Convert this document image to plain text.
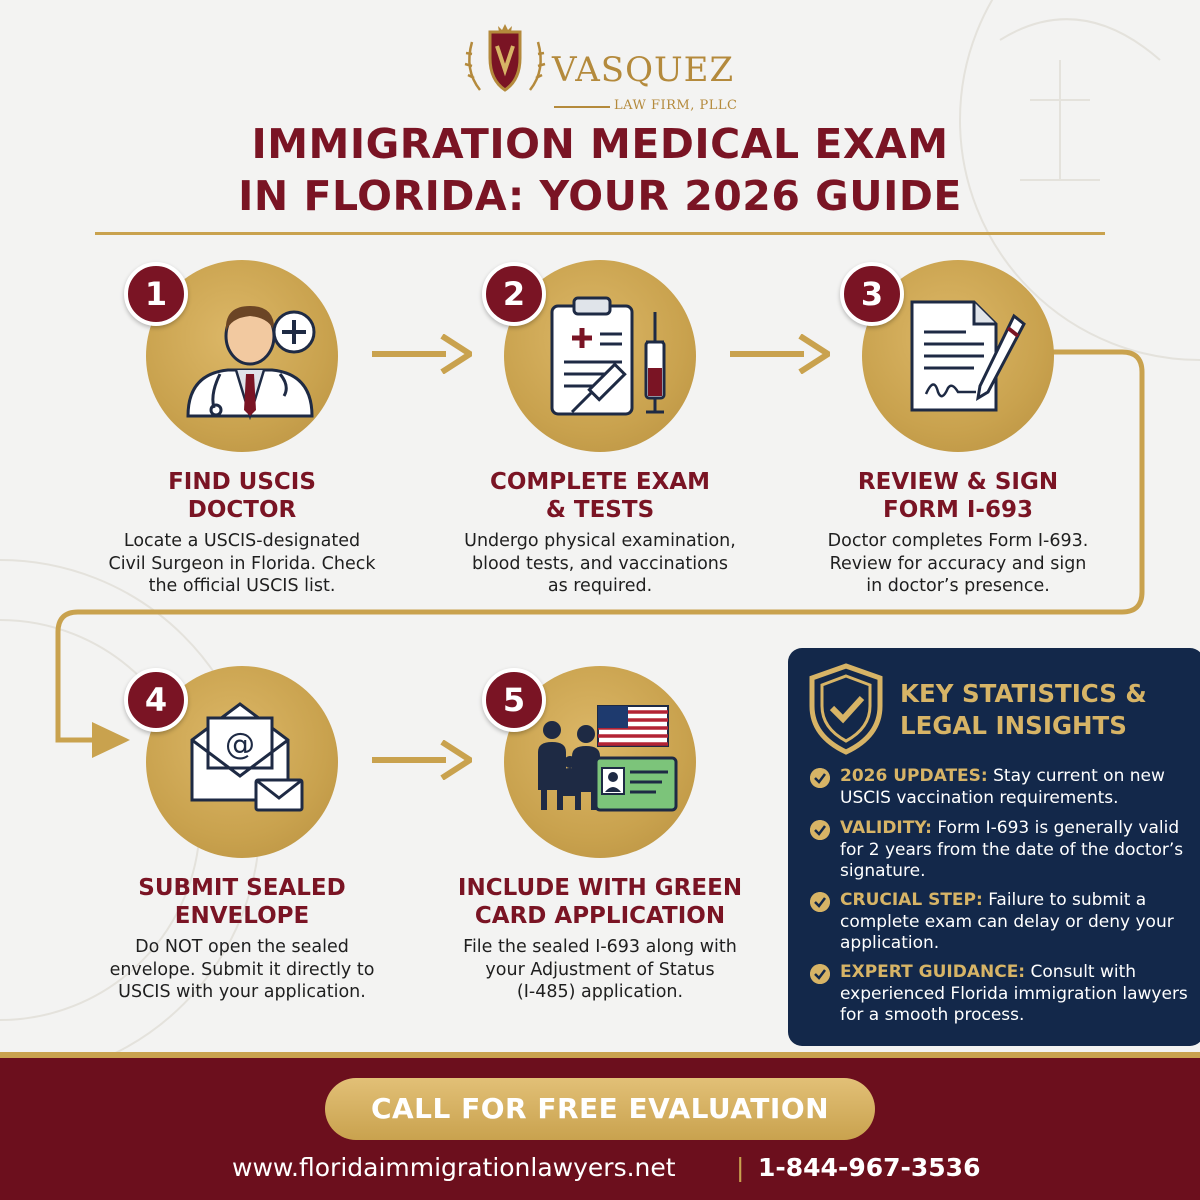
VASQUEZ
LAW FIRM, PLLC
IMMIGRATION MEDICAL EXAM
IN FLORIDA: YOUR 2026 GUIDE
1
FIND USCIS
DOCTOR
Locate a USCIS-designated
Civil Surgeon in Florida. Check
the official USCIS list.
2
COMPLETE EXAM
& TESTS
Undergo physical examination,
blood tests, and vaccinations
as required.
3
REVIEW & SIGN
FORM I-693
Doctor completes Form I-693.
Review for accuracy and sign
in doctor’s presence.
@
4
SUBMIT SEALED
ENVELOPE
Do NOT open the sealed
envelope. Submit it directly to
USCIS with your application.
5
INCLUDE WITH GREEN
CARD APPLICATION
File the sealed I-693 along with
your Adjustment of Status
(I-485) application.
KEY STATISTICS &
LEGAL INSIGHTS
2026 UPDATES: Stay current on new USCIS vaccination requirements.
VALIDITY: Form I-693 is generally valid for 2 years from the date of the doctor’s signature.
CRUCIAL STEP: Failure to submit a complete exam can delay or deny your application.
EXPERT GUIDANCE: Consult with experienced Florida immigration lawyers for a smooth process.
CALL FOR FREE EVALUATION
www.floridaimmigrationlawyers.net | 1-844-967-3536
